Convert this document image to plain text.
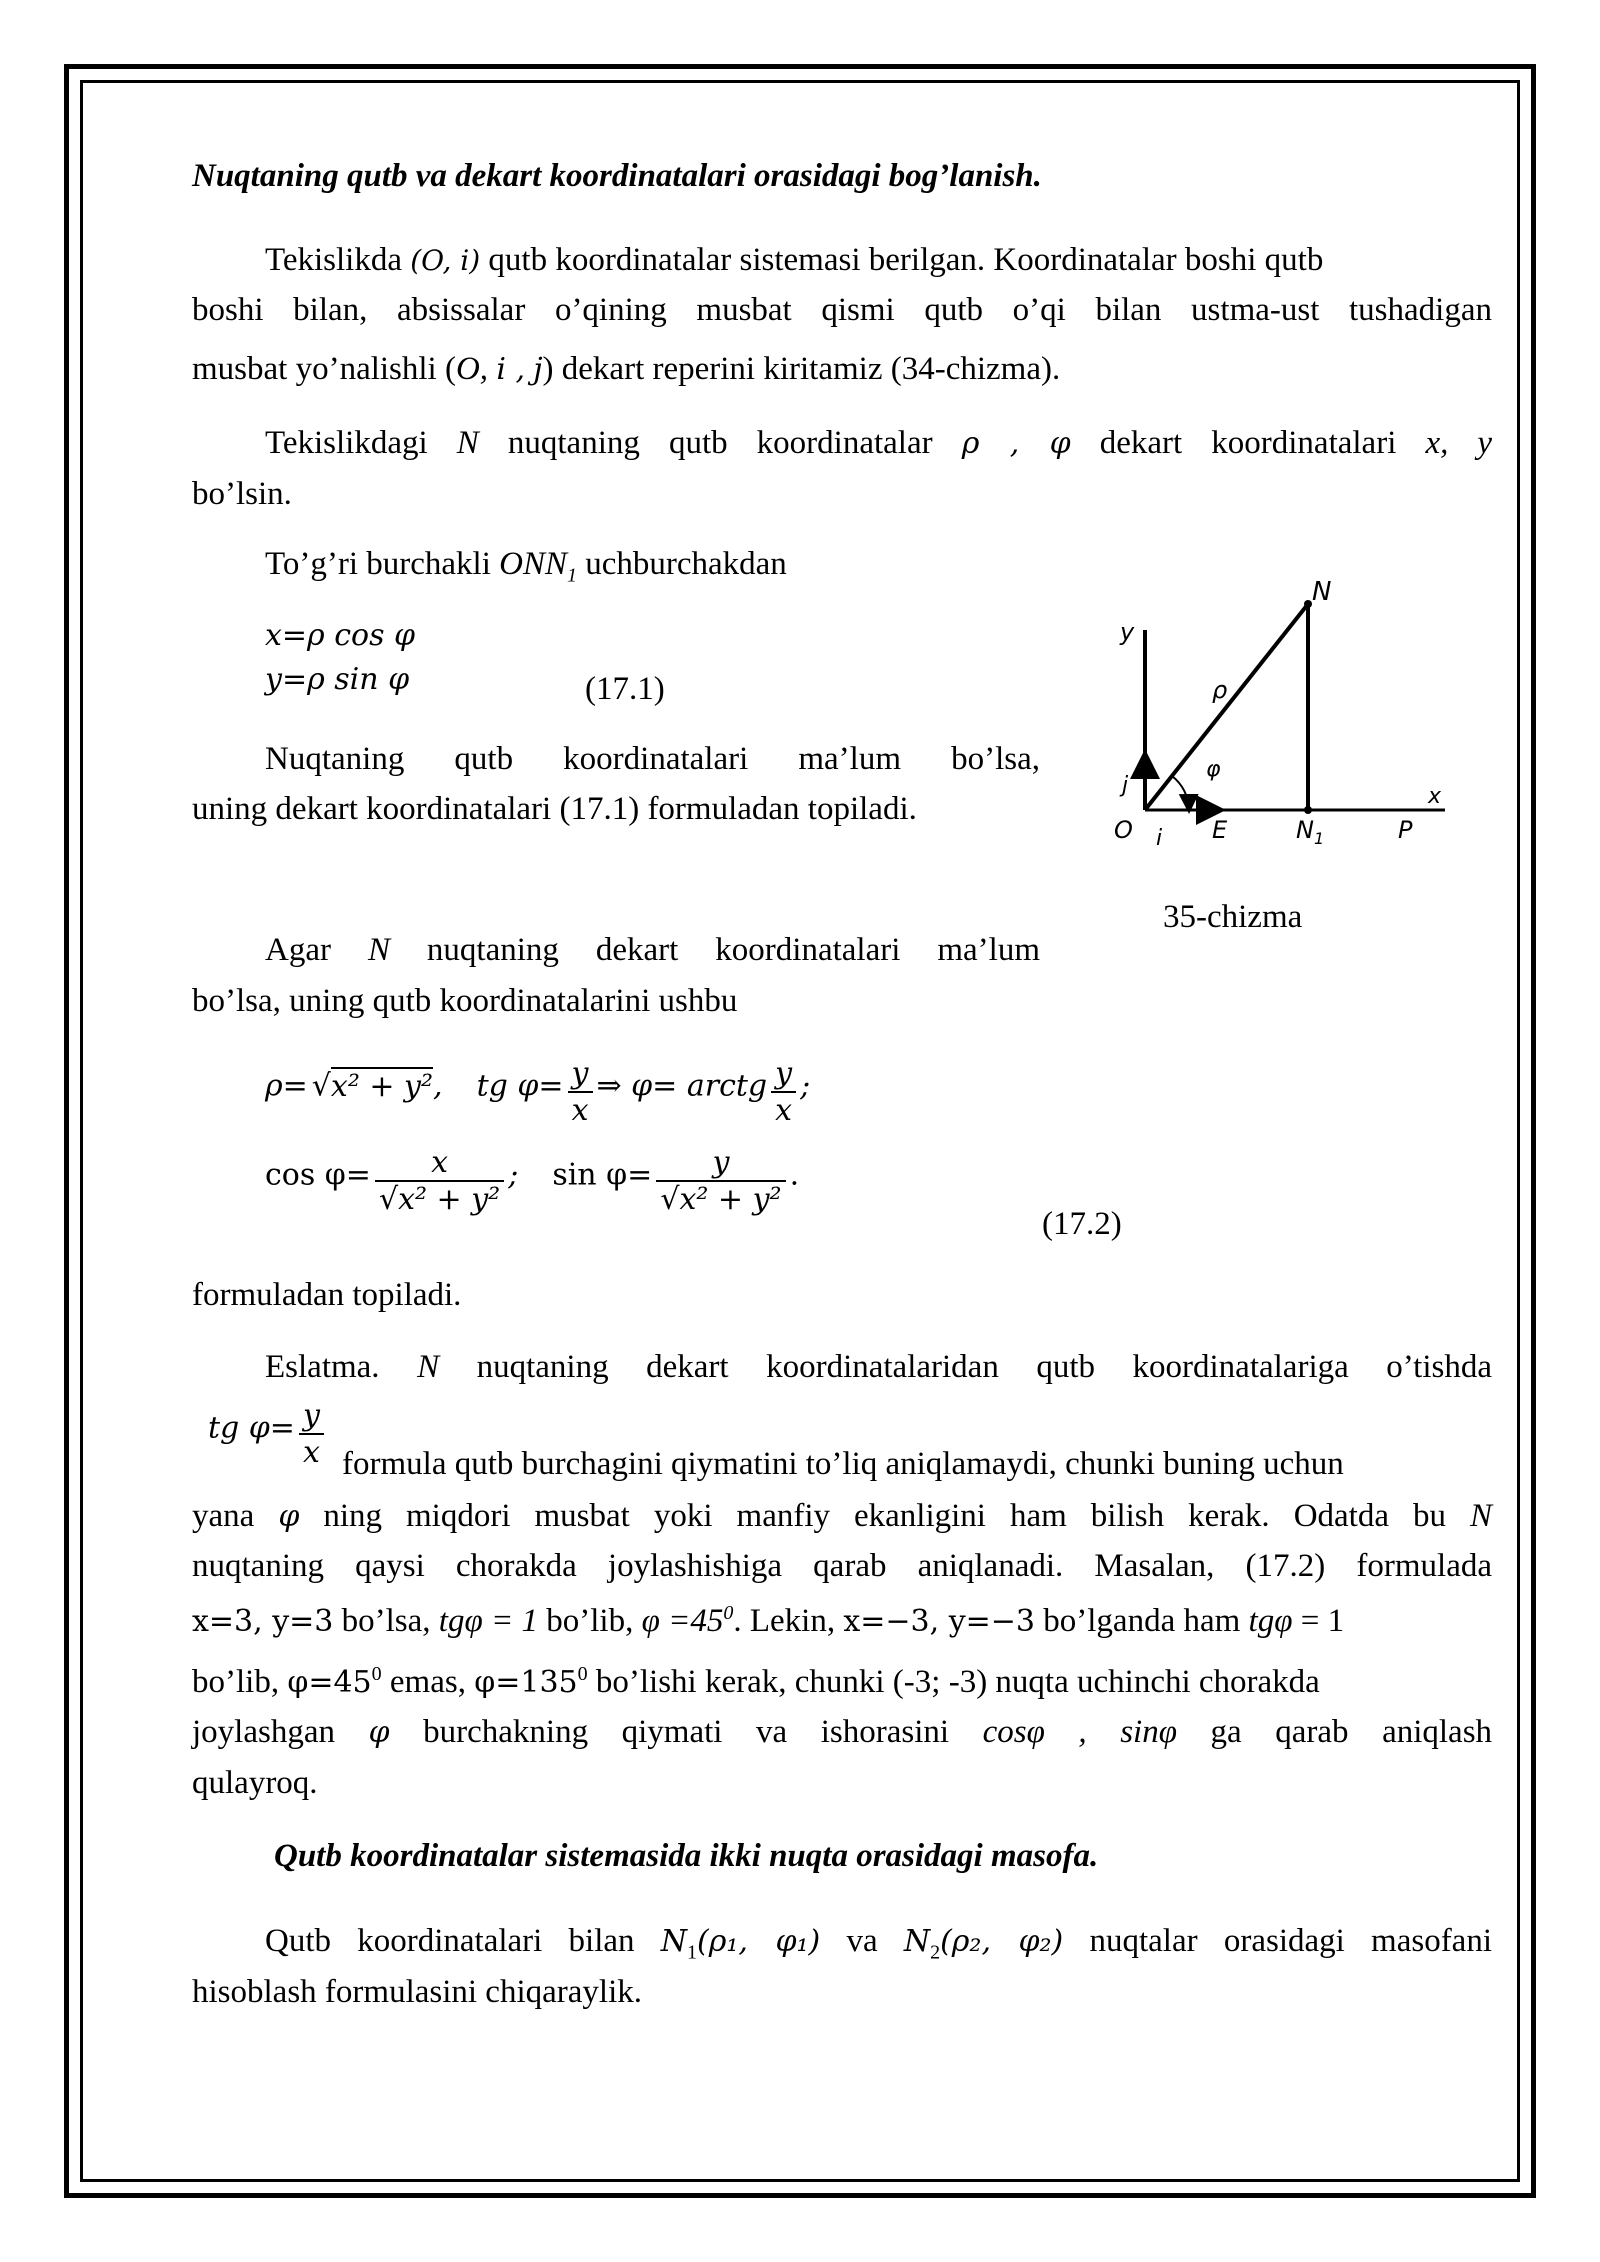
Nuqtaning qutb va dekart koordinatalari orasidagi bog’lanish.
Tekislikda (O, i) qutb koordinatalar sistemasi berilgan. Koordinatalar boshi qutb
boshi bilan, absissalar o’qining musbat qismi qutb o’qi bilan ustma-ust tushadigan
musbat yo’nalishli (O, i , j) dekart reperini kiritamiz (34-chizma).
Tekislikdagi N nuqtaning qutb koordinatalar ρ , φ dekart koordinatalari x, y
bo’lsin.
To’g’ri burchakli $ONN_1$ uchburchakdan
x=ρ cos φ
y=ρ sin φ	(17.1)
Nuqtaning qutb koordinatalari ma’lum bo’lsa,
uning dekart koordinatalari (17.1) formuladan topiladi.
y
x
N
ρ
φ
j
O i E	N 1	P
35-chizma
Agar N nuqtaning dekart koordinatalari ma’lum
bo’lsa, uning qutb koordinatalarini ushbu
ρ= √x² + y², tg $\varphi= \frac{y}{x}$ ⇒ φ= arctg $\frac{y}{x}$ ;
$\cos \varphi= \frac{x}{\text{√x² + y²}}$ ; $\sin \varphi= \frac{y}{\text{√x² + y²}}$ .
(17.2)
formuladan topiladi.
Eslatma. N nuqtaning dekart koordinatalaridan qutb koordinatalariga o’tishda
tg $\varphi= \frac{y}{x}$ formula qutb burchagini qiymatini to’liq aniqlamaydi, chunki buning uchun
yana φ ning miqdori musbat yoki manfiy ekanligini ham bilish kerak. Odatda bu N
nuqtaning qaysi chorakda joylashishiga qarab aniqlanadi. Masalan, (17.2) formulada
x=3, y=3 bo’lsa, tgφ = 1 bo’lib, $\varphi =45^0$. Lekin, x=−3, y=−3 bo’lganda ham tgφ = 1
bo’lib, $\varphi=45^0$ emas, $\varphi=135^0$ bo’lishi kerak, chunki (-3; -3) nuqta uchinchi chorakda
joylashgan φ burchakning qiymati va ishorasini cosφ , sinφ ga qarab aniqlash
qulayroq.
Qutb koordinatalar sistemasida ikki nuqta orasidagi masofa.
Qutb koordinatalari bilan $N_1(\rho_1$, φ₁) va $N_2(\rho_2$, φ₂) nuqtalar orasidagi masofani
hisoblash formulasini chiqaraylik.
